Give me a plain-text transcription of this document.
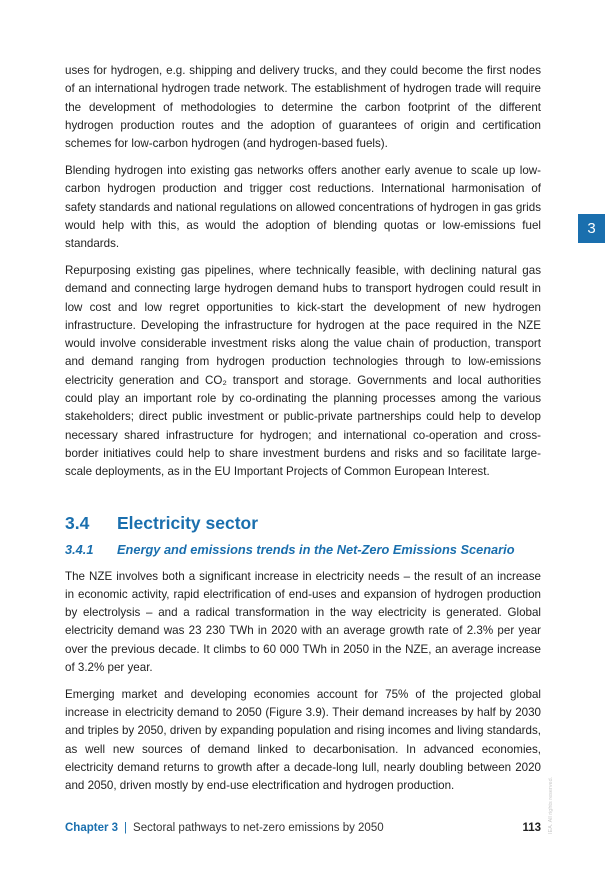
uses for hydrogen, e.g. shipping and delivery trucks, and they could become the first nodes of an international hydrogen trade network. The establishment of hydrogen trade will require the development of methodologies to determine the carbon footprint of the different hydrogen production routes and the adoption of guarantees of origin and certification schemes for low-carbon hydrogen (and hydrogen-based fuels).

Blending hydrogen into existing gas networks offers another early avenue to scale up low-carbon hydrogen production and trigger cost reductions. International harmonisation of safety standards and national regulations on allowed concentrations of hydrogen in gas grids would help with this, as would the adoption of blending quotas or low-emissions fuel standards.

Repurposing existing gas pipelines, where technically feasible, with declining natural gas demand and connecting large hydrogen demand hubs to transport hydrogen could result in low cost and low regret opportunities to kick-start the development of new hydrogen infrastructure. Developing the infrastructure for hydrogen at the pace required in the NZE would involve considerable investment risks along the value chain of production, transport and demand ranging from hydrogen production technologies through to low-emissions electricity generation and CO₂ transport and storage. Governments and local authorities could play an important role by co-ordinating the planning processes among the various stakeholders; direct public investment or public-private partnerships could help to develop necessary shared infrastructure for hydrogen; and international co-operation and cross-border initiatives could help to share investment burdens and risks and so facilitate large-scale deployments, as in the EU Important Projects of Common European Interest.

3.4 Electricity sector
3.4.1 Energy and emissions trends in the Net-Zero Emissions Scenario

The NZE involves both a significant increase in electricity needs – the result of an increase in economic activity, rapid electrification of end-uses and expansion of hydrogen production by electrolysis – and a radical transformation in the way electricity is generated. Global electricity demand was 23 230 TWh in 2020 with an average growth rate of 2.3% per year over the previous decade. It climbs to 60 000 TWh in 2050 in the NZE, an average increase of 3.2% per year.

Emerging market and developing economies account for 75% of the projected global increase in electricity demand to 2050 (Figure 3.9). Their demand increases by half by 2030 and triples by 2050, driven by expanding population and rising incomes and living standards, as well new sources of demand linked to decarbonisation. In advanced economies, electricity demand returns to growth after a decade-long lull, nearly doubling between 2020 and 2050, driven mostly by end-use electrification and hydrogen production.

3
IEA. All rights reserved.
Chapter 3 | Sectoral pathways to net-zero emissions by 2050	113
